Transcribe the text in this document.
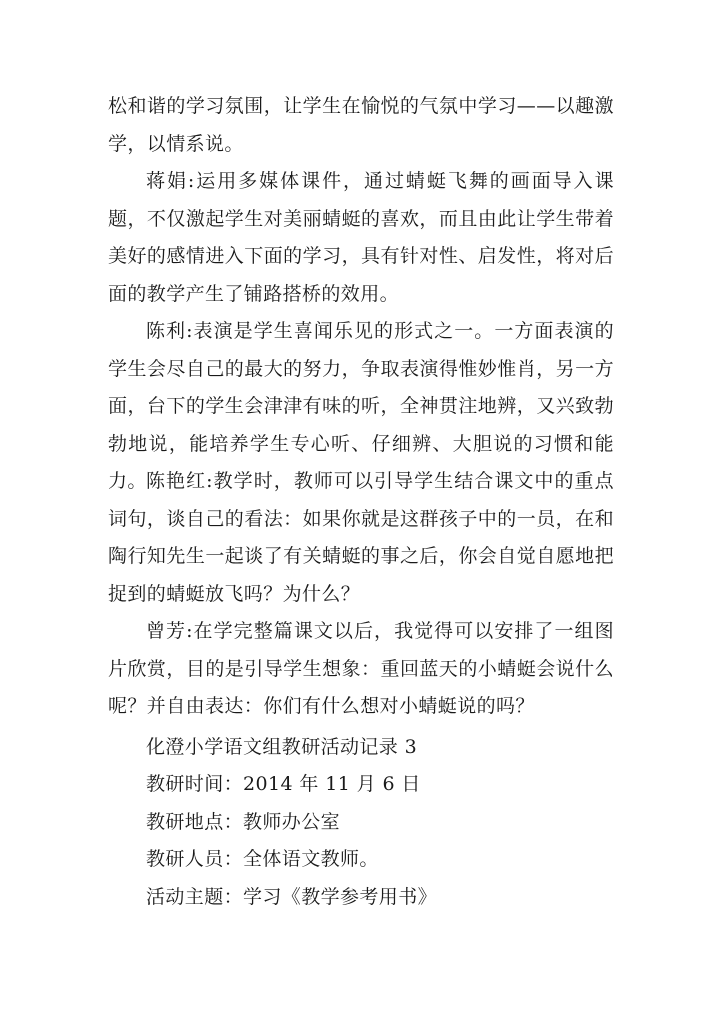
松和谐的学习氛围，让学生在愉悦的气氛中学习——以趣激学，以情系说。

蒋娟:运用多媒体课件，通过蜻蜓飞舞的画面导入课题，不仅激起学生对美丽蜻蜓的喜欢，而且由此让学生带着美好的感情进入下面的学习，具有针对性、启发性，将对后面的教学产生了铺路搭桥的效用。

陈利:表演是学生喜闻乐见的形式之一。一方面表演的学生会尽自己的最大的努力，争取表演得惟妙惟肖，另一方面，台下的学生会津津有味的听，全神贯注地辨，又兴致勃勃地说，能培养学生专心听、仔细辨、大胆说的习惯和能力。 陈艳红:教学时，教师可以引导学生结合课文中的重点词句，谈自己的看法：如果你就是这群孩子中的一员，在和陶行知先生一起谈了有关蜻蜓的事之后，你会自觉自愿地把捉到的蜻蜓放飞吗？为什么？

曾芳:在学完整篇课文以后，我觉得可以安排了一组图片欣赏，目的是引导学生想象：重回蓝天的小蜻蜓会说什么呢？并自由表达：你们有什么想对小蜻蜓说的吗？

化澄小学语文组教研活动记录 3

教研时间：2014 年 11 月 6 日

教研地点：教师办公室

教研人员：全体语文教师。

活动主题：学习《教学参考用书》
